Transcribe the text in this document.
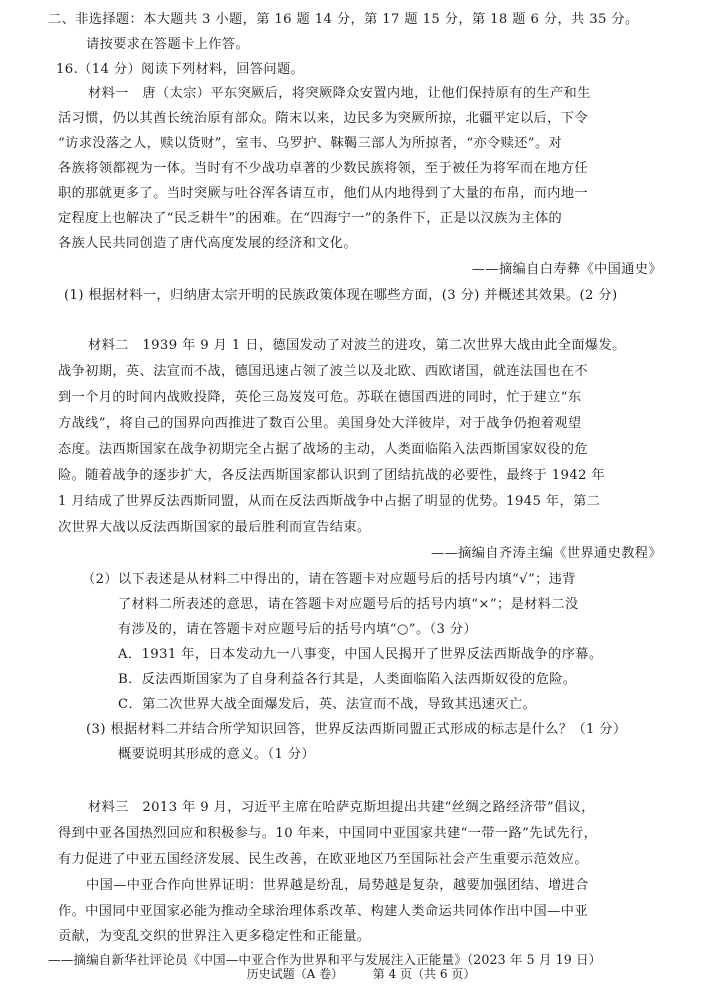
二、非选择题：本大题共 3 小题，第 16 题 14 分，第 17 题 15 分，第 18 题 6 分，共 35 分。
请按要求在答题卡上作答。
16.（14 分）阅读下列材料，回答问题。
材料一　唐（太宗）平东突厥后，将突厥降众安置内地，让他们保持原有的生产和生
活习惯，仍以其酋长统治原有部众。隋末以来，边民多为突厥所掠，北疆平定以后，下令
“访求没落之人，赎以货财”，室韦、乌罗护、靺鞨三部人为所掠者，“亦令赎还”。对
各族将领都视为一体。当时有不少战功卓著的少数民族将领，至于被任为将军而在地方任
职的那就更多了。当时突厥与吐谷浑各请互市，他们从内地得到了大量的布帛，而内地一
定程度上也解决了“民乏耕牛”的困难。在“四海宁一”的条件下，正是以汉族为主体的
各族人民共同创造了唐代高度发展的经济和文化。
——摘编自白寿彝《中国通史》
(1) 根据材料一，归纳唐太宗开明的民族政策体现在哪些方面，(3 分) 并概述其效果。(2 分)
材料二　1939 年 9 月 1 日，德国发动了对波兰的进攻，第二次世界大战由此全面爆发。
战争初期，英、法宣而不战，德国迅速占领了波兰以及北欧、西欧诸国，就连法国也在不
到一个月的时间内战败投降，英伦三岛岌岌可危。苏联在德国西进的同时，忙于建立“东
方战线”，将自己的国界向西推进了数百公里。美国身处大洋彼岸，对于战争仍抱着观望
态度。法西斯国家在战争初期完全占据了战场的主动，人类面临陷入法西斯国家奴役的危
险。随着战争的逐步扩大，各反法西斯国家都认识到了团结抗战的必要性，最终于 1942 年
1 月结成了世界反法西斯同盟，从而在反法西斯战争中占据了明显的优势。1945 年，第二
次世界大战以反法西斯国家的最后胜利而宣告结束。
——摘编自齐涛主编《世界通史教程》
（2）以下表述是从材料二中得出的，请在答题卡对应题号后的括号内填“√”；违背
了材料二所表述的意思，请在答题卡对应题号后的括号内填“×”；是材料二没
有涉及的，请在答题卡对应题号后的括号内填“○”。（3 分）
A．1931 年，日本发动九一八事变，中国人民揭开了世界反法西斯战争的序幕。
B．反法西斯国家为了自身利益各行其是，人类面临陷入法西斯奴役的危险。
C．第二次世界大战全面爆发后，英、法宣而不战，导致其迅速灭亡。
(3) 根据材料二并结合所学知识回答，世界反法西斯同盟正式形成的标志是什么？（1 分）
概要说明其形成的意义。（1 分）
材料三　2013 年 9 月，习近平主席在哈萨克斯坦提出共建“丝绸之路经济带”倡议，
得到中亚各国热烈回应和积极参与。10 年来，中国同中亚国家共建“一带一路”先试先行，
有力促进了中亚五国经济发展、民生改善，在欧亚地区乃至国际社会产生重要示范效应。
中国—中亚合作向世界证明：世界越是纷乱，局势越是复杂，越要加强团结、增进合
作。中国同中亚国家必能为推动全球治理体系改革、构建人类命运共同体作出中国—中亚
贡献，为变乱交织的世界注入更多稳定性和正能量。
——摘编自新华社评论员《中国—中亚合作为世界和平与发展注入正能量》（2023 年 5 月 19 日）
历史试题（A 卷） 第 4 页（共 6 页）
